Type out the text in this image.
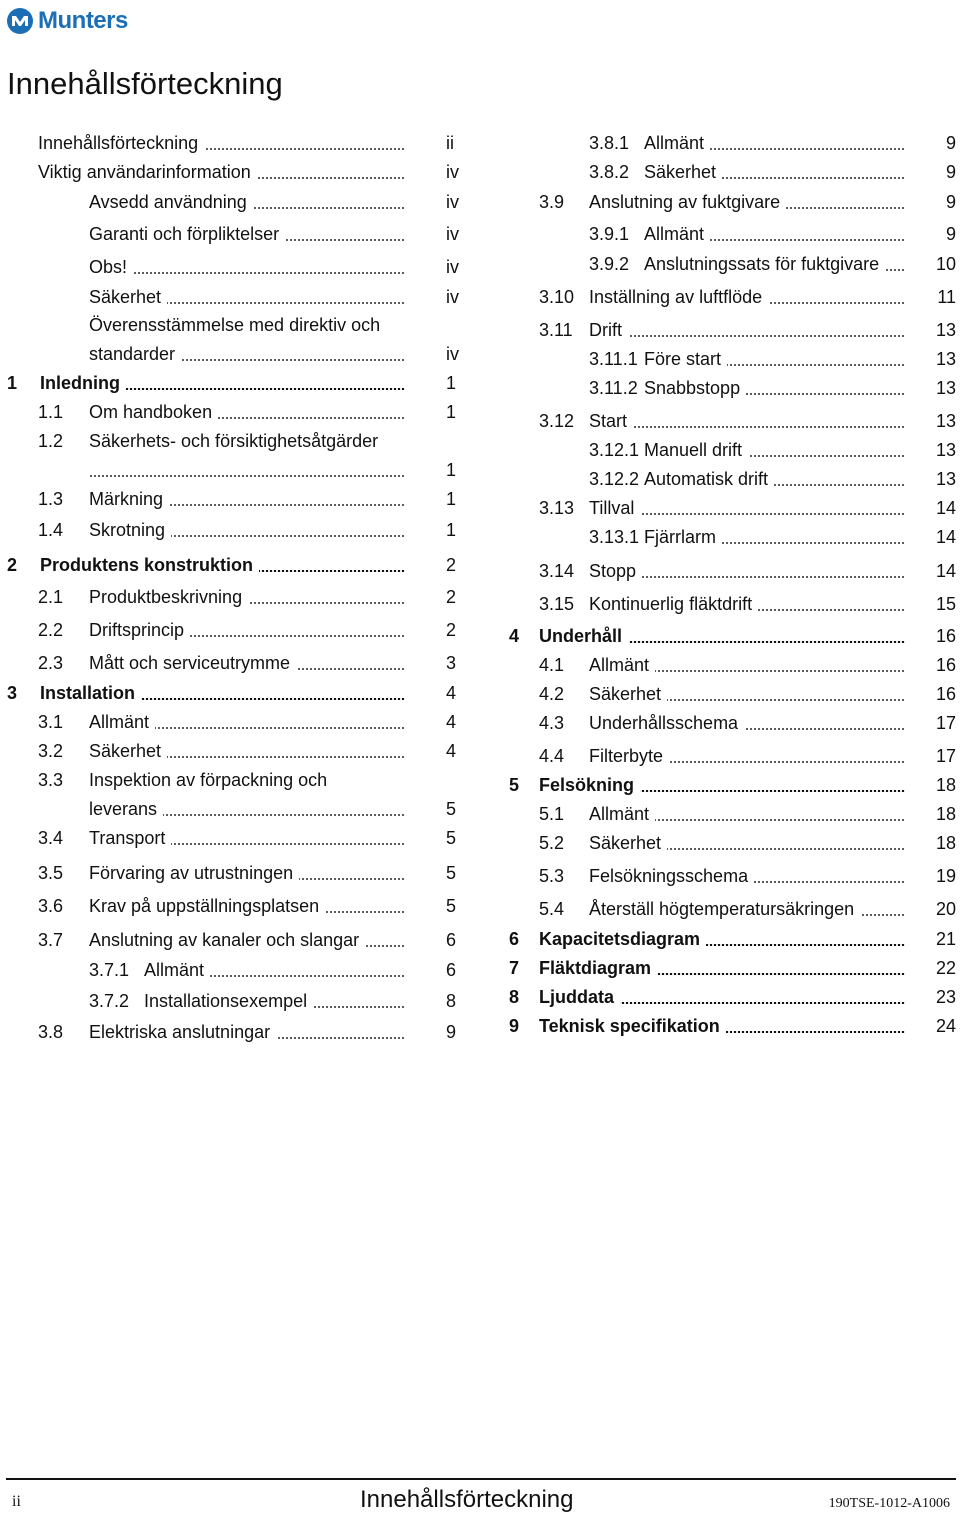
Munters
Innehållsförteckning
Innehållsförteckning	ii
Viktig användarinformation	iv
Avsedd användning	iv
Garanti och förpliktelser	iv
Obs!	iv
Säkerhet	iv
Överensstämmelse med direktiv och
standarder	iv
1 Inledning	1
1.1 Om handboken	1
1.2 Säkerhets- och försiktighetsåtgärder
1
1.3 Märkning	1
1.4 Skrotning	1
2 Produktens konstruktion	2
2.1 Produktbeskrivning	2
2.2 Driftsprincip	2
2.3 Mått och serviceutrymme	3
3 Installation	4
3.1 Allmänt	4
3.2 Säkerhet	4
3.3 Inspektion av förpackning och
leverans	5
3.4 Transport	5
3.5 Förvaring av utrustningen	5
3.6 Krav på uppställningsplatsen	5
3.7 Anslutning av kanaler och slangar	6
3.7.1 Allmänt	6
3.7.2 Installationsexempel	8
3.8 Elektriska anslutningar	9
3.8.1 Allmänt	9
3.8.2 Säkerhet	9
3.9 Anslutning av fuktgivare	9
3.9.1 Allmänt	9
3.9.2 Anslutningssats för fuktgivare	10
3.10 Inställning av luftflöde	11
3.11 Drift	13
3.11.1 Före start	13
3.11.2 Snabbstopp	13
3.12 Start	13
3.12.1 Manuell drift	13
3.12.2 Automatisk drift	13
3.13 Tillval	14
3.13.1 Fjärrlarm	14
3.14 Stopp	14
3.15 Kontinuerlig fläktdrift	15
4 Underhåll	16
4.1 Allmänt	16
4.2 Säkerhet	16
4.3 Underhållsschema	17
4.4 Filterbyte	17
5 Felsökning	18
5.1 Allmänt	18
5.2 Säkerhet	18
5.3 Felsökningsschema	19
5.4 Återställ högtemperatursäkringen	20
6 Kapacitetsdiagram	21
7 Fläktdiagram	22
8 Ljuddata	23
9 Teknisk specifikation	24
ii	Innehållsförteckning	190TSE-1012-A1006
